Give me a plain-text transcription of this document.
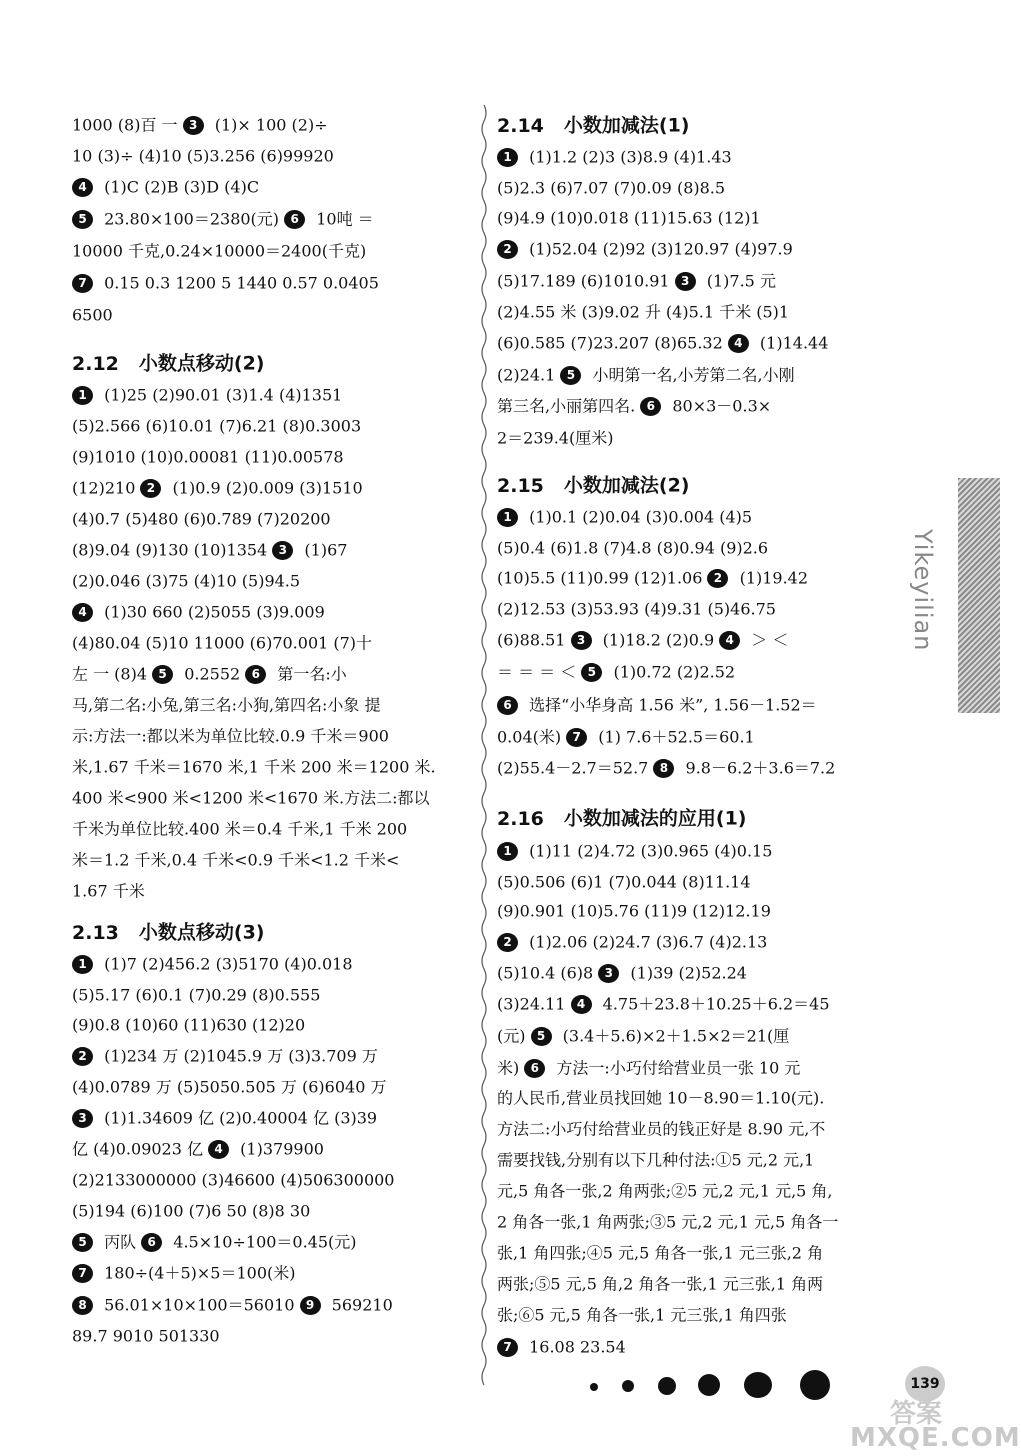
1000 (8)百 一 3 (1)× 100 (2)÷
10 (3)÷ (4)10 (5)3.256 (6)99920
4 (1)C (2)B (3)D (4)C
5 23.80×100＝2380(元) 6 10吨 ＝
10000 千克,0.24×10000＝2400(千克)
7 0.15 0.3 1200 5 1440 0.57 0.0405
6500
2.12 小数点移动(2)
1 (1)25 (2)90.01 (3)1.4 (4)1351
(5)2.566 (6)10.01 (7)6.21 (8)0.3003
(9)1010 (10)0.00081 (11)0.00578
(12)210 2 (1)0.9 (2)0.009 (3)1510
(4)0.7 (5)480 (6)0.789 (7)20200
(8)9.04 (9)130 (10)1354 3 (1)67
(2)0.046 (3)75 (4)10 (5)94.5
4 (1)30 660 (2)5055 (3)9.009
(4)80.04 (5)10 11000 (6)70.001 (7)十
左 一 (8)4 5 0.2552 6 第一名:小
马,第二名:小兔,第三名:小狗,第四名:小象 提
示:方法一:都以米为单位比较.0.9 千米＝900
米,1.67 千米＝1670 米,1 千米 200 米＝1200 米.
400 米<900 米<1200 米<1670 米.方法二:都以
千米为单位比较.400 米＝0.4 千米,1 千米 200
米＝1.2 千米,0.4 千米<0.9 千米<1.2 千米<
1.67 千米
2.13 小数点移动(3)
1 (1)7 (2)456.2 (3)5170 (4)0.018
(5)5.17 (6)0.1 (7)0.29 (8)0.555
(9)0.8 (10)60 (11)630 (12)20
2 (1)234 万 (2)1045.9 万 (3)3.709 万
(4)0.0789 万 (5)5050.505 万 (6)6040 万
3 (1)1.34609 亿 (2)0.40004 亿 (3)39
亿 (4)0.09023 亿 4 (1)379900
(2)2133000000 (3)46600 (4)506300000
(5)194 (6)100 (7)6 50 (8)8 30
5 丙队 6 4.5×10÷100＝0.45(元)
7 180÷(4＋5)×5＝100(米)
8 56.01×10×100＝56010 9 569210
89.7 9010 501330
2.14 小数加减法(1)
1 (1)1.2 (2)3 (3)8.9 (4)1.43
(5)2.3 (6)7.07 (7)0.09 (8)8.5
(9)4.9 (10)0.018 (11)15.63 (12)1
2 (1)52.04 (2)92 (3)120.97 (4)97.9
(5)17.189 (6)1010.91 3 (1)7.5 元
(2)4.55 米 (3)9.02 升 (4)5.1 千米 (5)1
(6)0.585 (7)23.207 (8)65.32 4 (1)14.44
(2)24.1 5 小明第一名,小芳第二名,小刚
第三名,小丽第四名. 6 80×3－0.3×
2＝239.4(厘米)
2.15 小数加减法(2)
1 (1)0.1 (2)0.04 (3)0.004 (4)5
(5)0.4 (6)1.8 (7)4.8 (8)0.94 (9)2.6
(10)5.5 (11)0.99 (12)1.06 2 (1)19.42
(2)12.53 (3)53.93 (4)9.31 (5)46.75
(6)88.51 3 (1)18.2 (2)0.9 4 ＞ ＜
＝ ＝ ＝ ＜ 5 (1)0.72 (2)2.52
6 选择“小华身高 1.56 米”, 1.56－1.52＝
0.04(米) 7 (1) 7.6＋52.5＝60.1
(2)55.4－2.7＝52.7 8 9.8－6.2＋3.6＝7.2
2.16 小数加减法的应用(1)
1 (1)11 (2)4.72 (3)0.965 (4)0.15
(5)0.506 (6)1 (7)0.044 (8)11.14
(9)0.901 (10)5.76 (11)9 (12)12.19
2 (1)2.06 (2)24.7 (3)6.7 (4)2.13
(5)10.4 (6)8 3 (1)39 (2)52.24
(3)24.11 4 4.75＋23.8＋10.25＋6.2＝45
(元) 5 (3.4＋5.6)×2＋1.5×2＝21(厘
米) 6 方法一:小巧付给营业员一张 10 元
的人民币,营业员找回她 10－8.90＝1.10(元).
方法二:小巧付给营业员的钱正好是 8.90 元,不
需要找钱,分别有以下几种付法:①5 元,2 元,1
元,5 角各一张,2 角两张;②5 元,2 元,1 元,5 角,
2 角各一张,1 角两张;③5 元,2 元,1 元,5 角各一
张,1 角四张;④5 元,5 角各一张,1 元三张,2 角
两张;⑤5 元,5 角,2 角各一张,1 元三张,1 角两
张;⑥5 元,5 角各一张,1 元三张,1 角四张
7 16.08 23.54
Yikeyilian
139
答案
MXQE.COM
